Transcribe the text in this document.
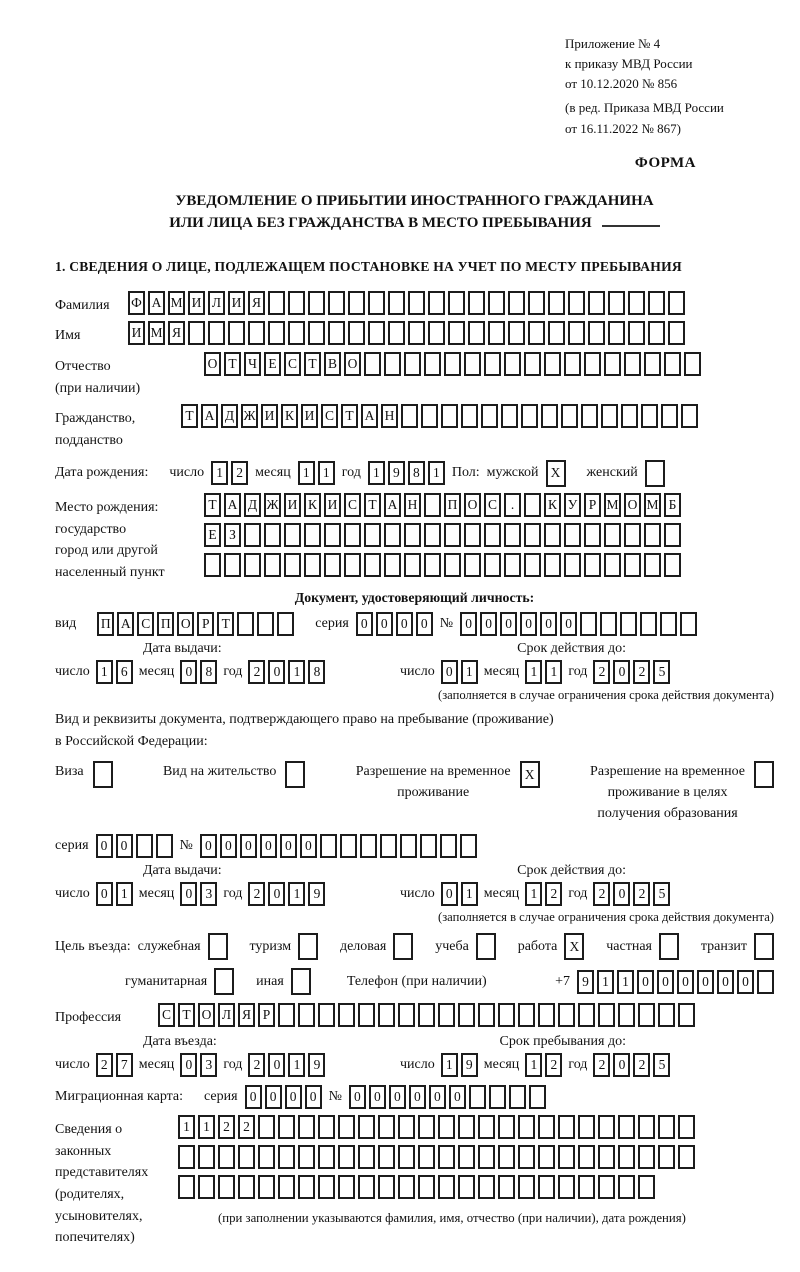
Приложение № 4
к приказу МВД России
от 10.12.2020 № 856
(в ред. Приказа МВД России
от 16.11.2022 № 867)
ФОРМА
УВЕДОМЛЕНИЕ О ПРИБЫТИИ ИНОСТРАННОГО ГРАЖДАНИНА
ИЛИ ЛИЦА БЕЗ ГРАЖДАНСТВА В МЕСТО ПРЕБЫВАНИЯ
1. СВЕДЕНИЯ О ЛИЦЕ, ПОДЛЕЖАЩЕМ ПОСТАНОВКЕ НА УЧЕТ ПО МЕСТУ ПРЕБЫВАНИЯ
Фамилия	Ф А М И Л И Я
Имя	И М Я
Отчество
(при наличии)
О Т Ч Е С Т В О
Гражданство,
подданство
Т А Д Ж И К И С Т А Н
Дата рождения: число 1 2 месяц 1 1 год 1 9 8 1 Пол: мужской X	женский
Место рождения:
государство
город или другой
населенный пункт
Т А Д Ж И К И С Т А Н П О С	.	К У Р М О М Б
Е З
Документ, удостоверяющий личность:
вид П А С П О Р Т	серия 0 0 0 0 № 0 0 0 0 0 0
Дата выдачи:	Срок действия до:
число 1 6 месяц 0 8 год 2 0 1 8	число 0 1 месяц 1 1 год 2 0 2 5
(заполняется в случае ограничения срока действия документа)
Вид и реквизиты документа, подтверждающего право на пребывание (проживание)
в Российской Федерации:
Виза	Вид на жительство	Разрешение на временное
проживание
X	Разрешение на временное
проживание в целях
получения образования
серия 0 0	№ 0 0 0 0 0 0
Дата выдачи:	Срок действия до:
число 0 1 месяц 0 3 год 2 0 1 9	число 0 1 месяц 1 2 год 2 0 2 5
(заполняется в случае ограничения срока действия документа)
Цель въезда: служебная	туризм	деловая	учеба	работа X	частная	транзит
гуманитарная	иная	Телефон (при наличии)	+7 9 1 1 0 0 0 0 0 0
Профессия	С Т О Л Я Р
Дата въезда:	Срок пребывания до:
число 2 7 месяц 0 3 год 2 0 1 9	число 1 9 месяц 1 2 год 2 0 2 5
Миграционная карта: серия 0 0 0 0 № 0 0 0 0 0 0
Сведения о
законных
представителях
(родителях,
усыновителях,
попечителях)
1 1 2 2
(при заполнении указываются фамилия, имя, отчество (при наличии), дата рождения)
